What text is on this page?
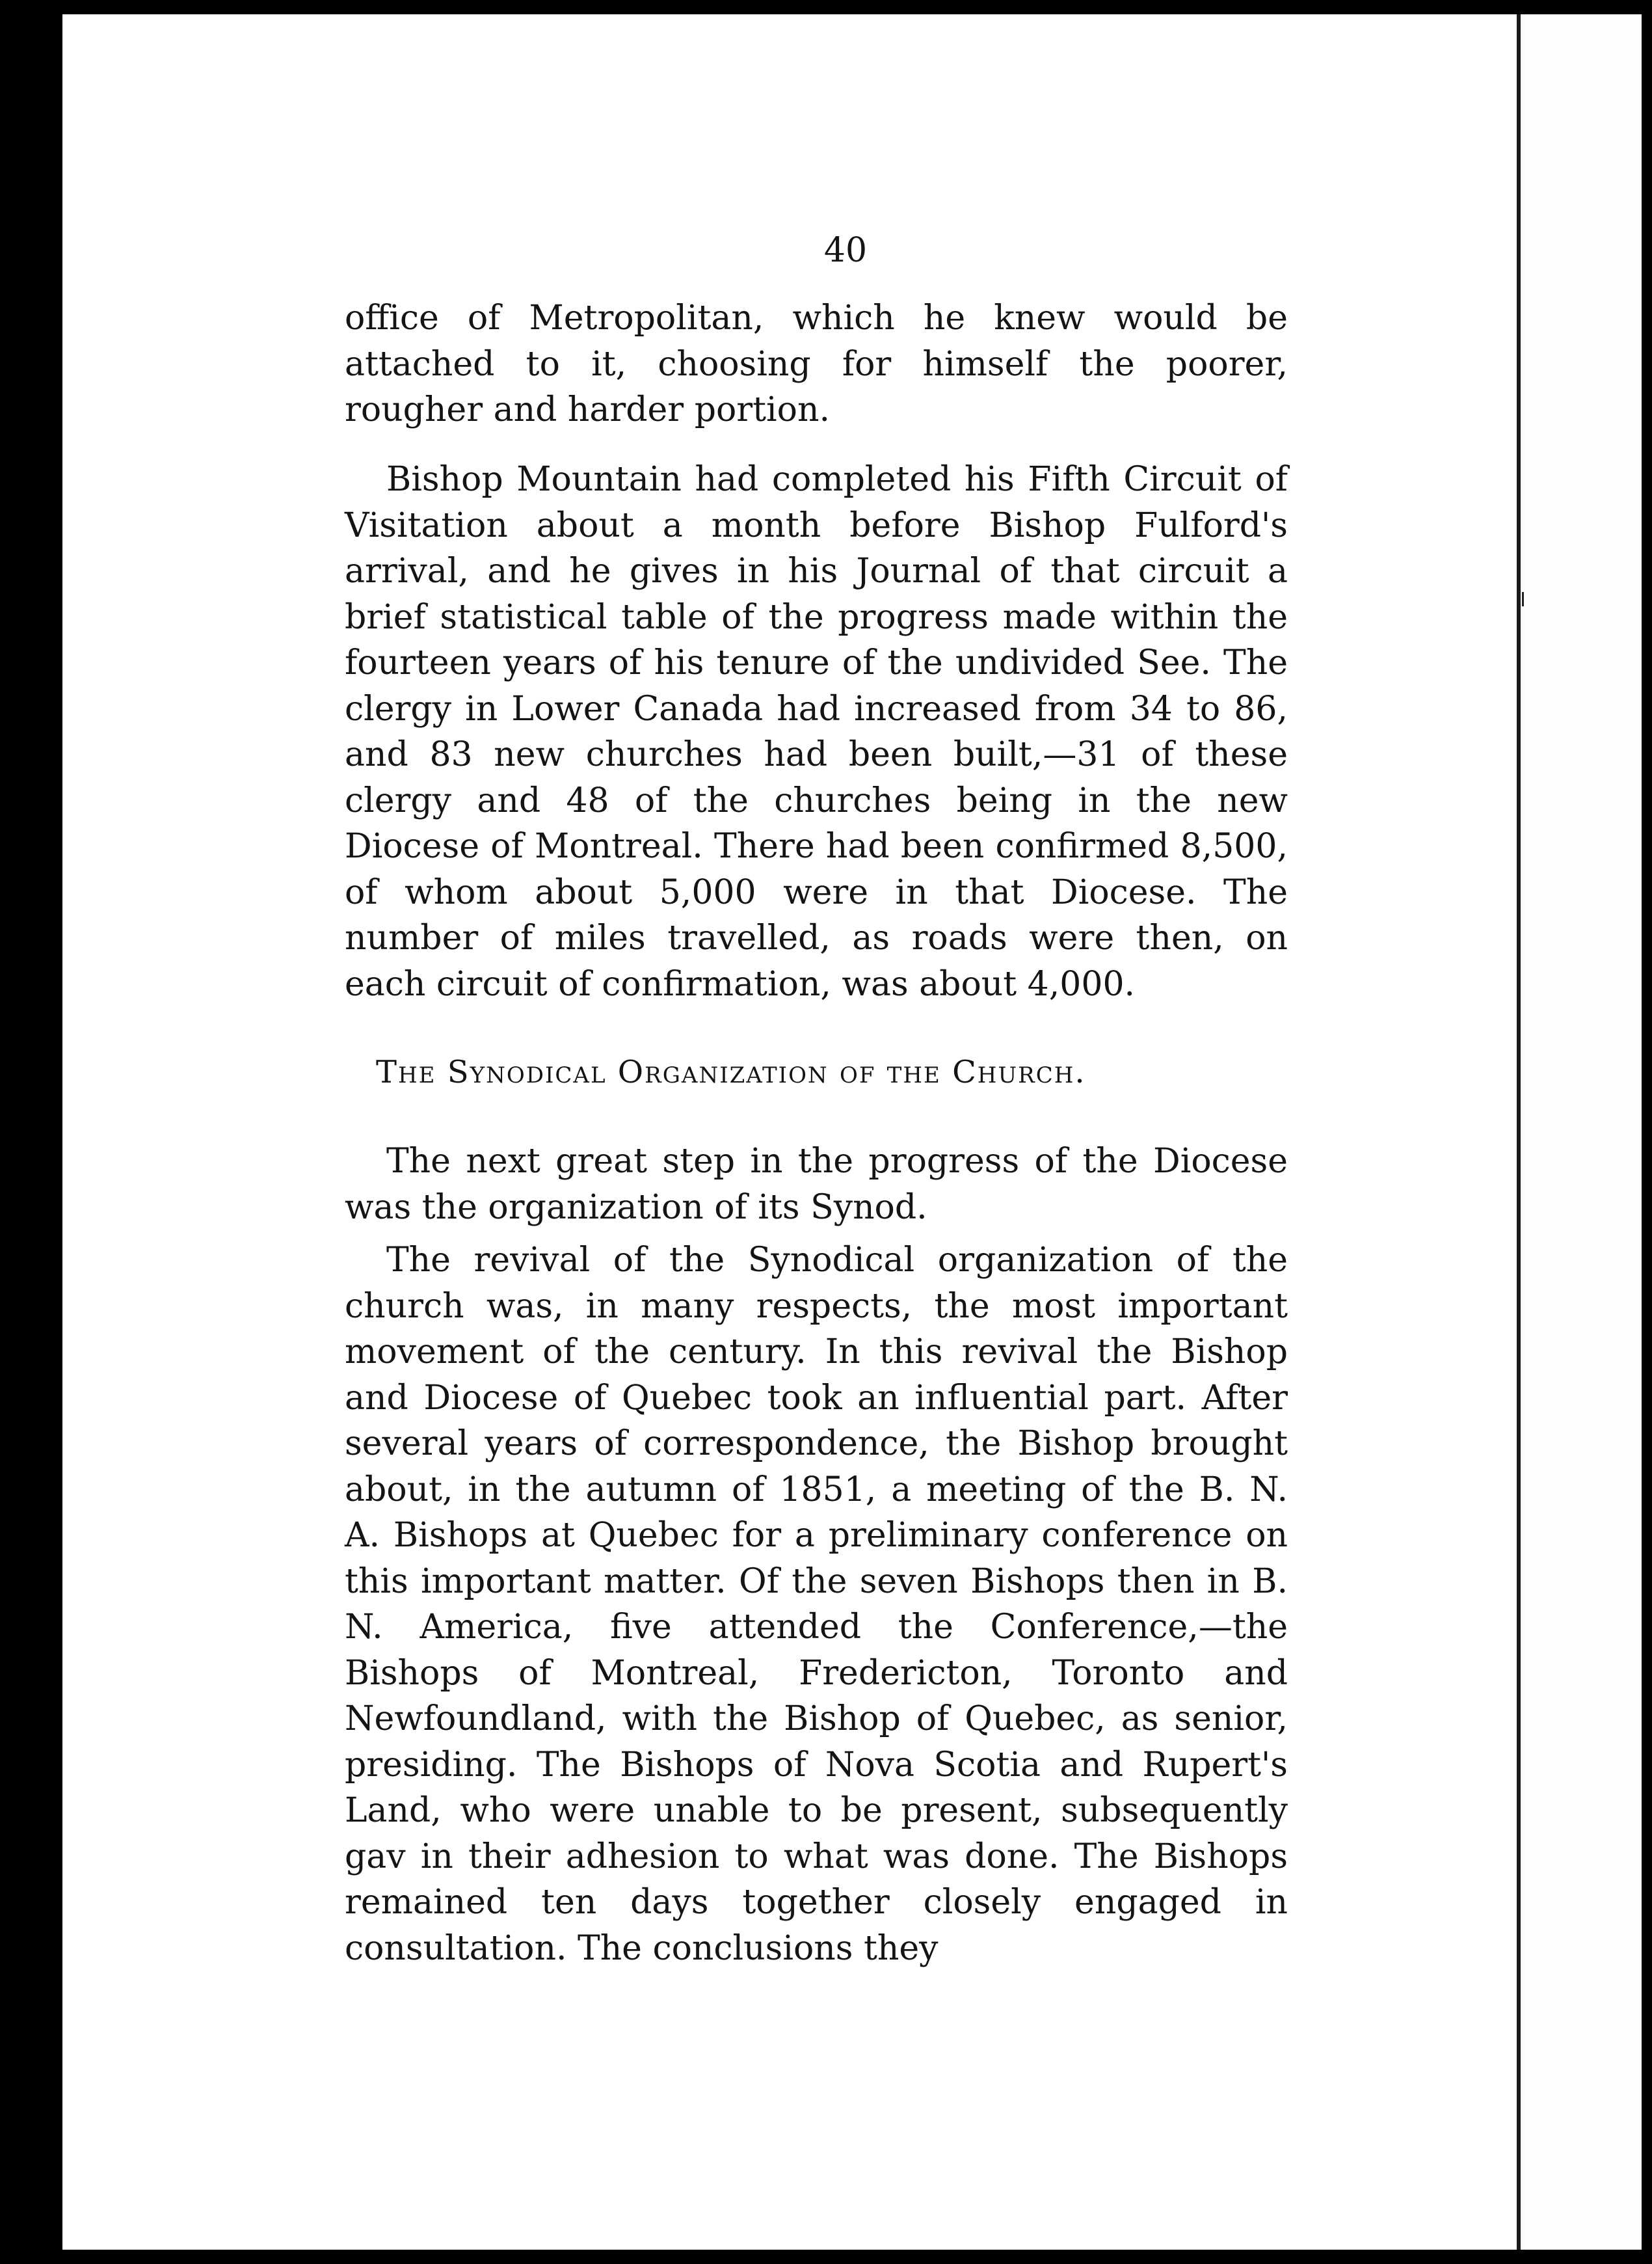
40

office of Metropolitan, which he knew would be attached to it, choosing for himself the poorer, rougher and harder portion.

Bishop Mountain had completed his Fifth Circuit of Visitation about a month before Bishop Fulford's arrival, and he gives in his Journal of that circuit a brief statistical table of the progress made within the fourteen years of his tenure of the undivided See. The clergy in Lower Canada had increased from 34 to 86, and 83 new churches had been built,—31 of these clergy and 48 of the churches being in the new Diocese of Montreal. There had been confirmed 8,500, of whom about 5,000 were in that Diocese. The number of miles travelled, as roads were then, on each circuit of confirmation, was about 4,000.

The Synodical Organization of the Church.

The next great step in the progress of the Diocese was the organization of its Synod.

The revival of the Synodical organization of the church was, in many respects, the most important movement of the century. In this revival the Bishop and Diocese of Quebec took an influential part. After several years of correspondence, the Bishop brought about, in the autumn of 1851, a meeting of the B. N. A. Bishops at Quebec for a preliminary conference on this important matter. Of the seven Bishops then in B. N. America, five attended the Conference,—the Bishops of Montreal, Fredericton, Toronto and Newfoundland, with the Bishop of Quebec, as senior, presiding. The Bishops of Nova Scotia and Rupert's Land, who were unable to be present, subsequently gav in their adhesion to what was done. The Bishops remained ten days together closely engaged in consultation. The conclusions they
